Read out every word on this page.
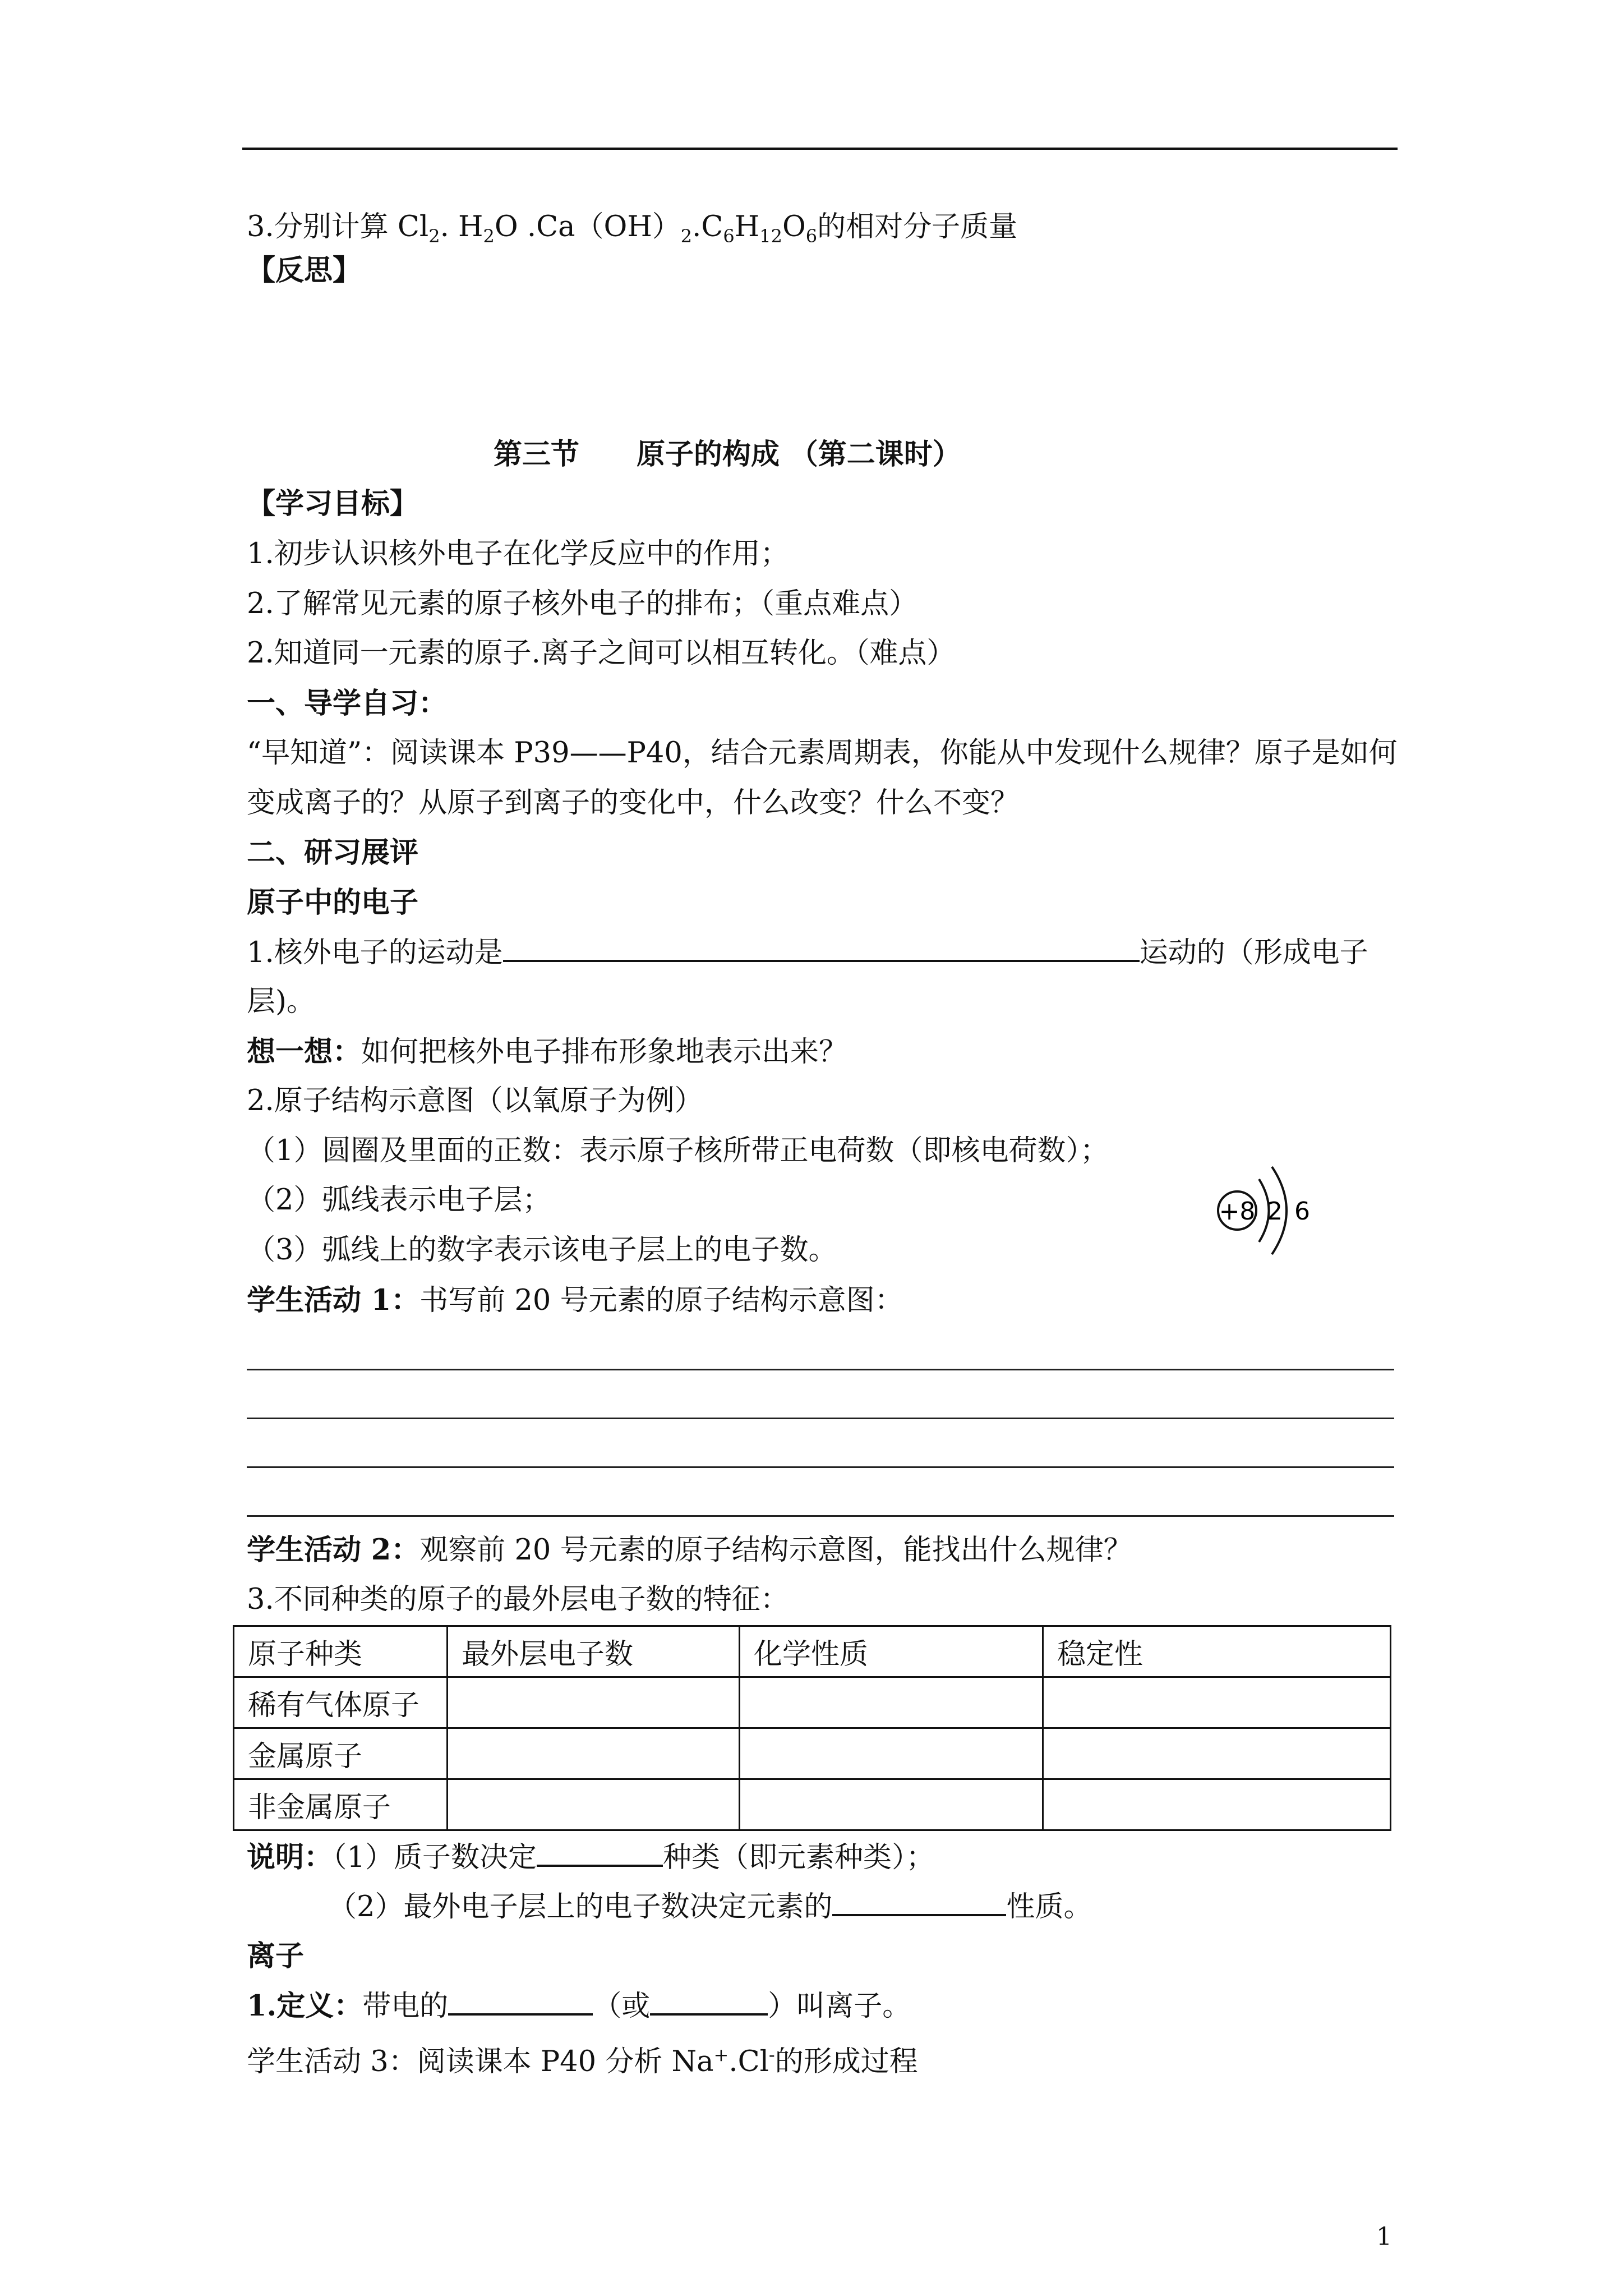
3.分别计算 $Cl_2$. $H_2O$ $.Ca(OH)_2.C_6H_{12}O_6$的相对分子质量
【反思】
第三节　　原子的构成 （第二课时）
【学习目标】
1.初步认识核外电子在化学反应中的作用；
2.了解常见元素的原子核外电子的排布；（重点难点）
2.知道同一元素的原子.离子之间可以相互转化。（难点）
一、导学自习：
“早知道”：阅读课本 P39——P40，结合元素周期表，你能从中发现什么规律？原子是如何
变成离子的？从原子到离子的变化中，什么改变？什么不变？
二、研习展评
原子中的电子
1.核外电子的运动是	运动的（形成电子
层)。
想一想：如何把核外电子排布形象地表示出来？
2.原子结构示意图（以氧原子为例）
（1）圆圈及里面的正数：表示原子核所带正电荷数（即核电荷数）；
（2）弧线表示电子层；
（3）弧线上的数字表示该电子层上的电子数。
+8 2 6
学生活动 1：书写前 20 号元素的原子结构示意图：
学生活动 2：观察前 20 号元素的原子结构示意图，能找出什么规律？
3.不同种类的原子的最外层电子数的特征：
原子种类	最外层电子数	化学性质	稳定性
稀有气体原子			
金属原子			
非金属原子			
说明：（1）质子数决定	种类（即元素种类）；
（2）最外电子层上的电子数决定元素的	性质。
离子
1.定义：带电的	（或	）叫离子。
学生活动 3：阅读课本 P40 分析 Na+.Cl-的形成过程
1
